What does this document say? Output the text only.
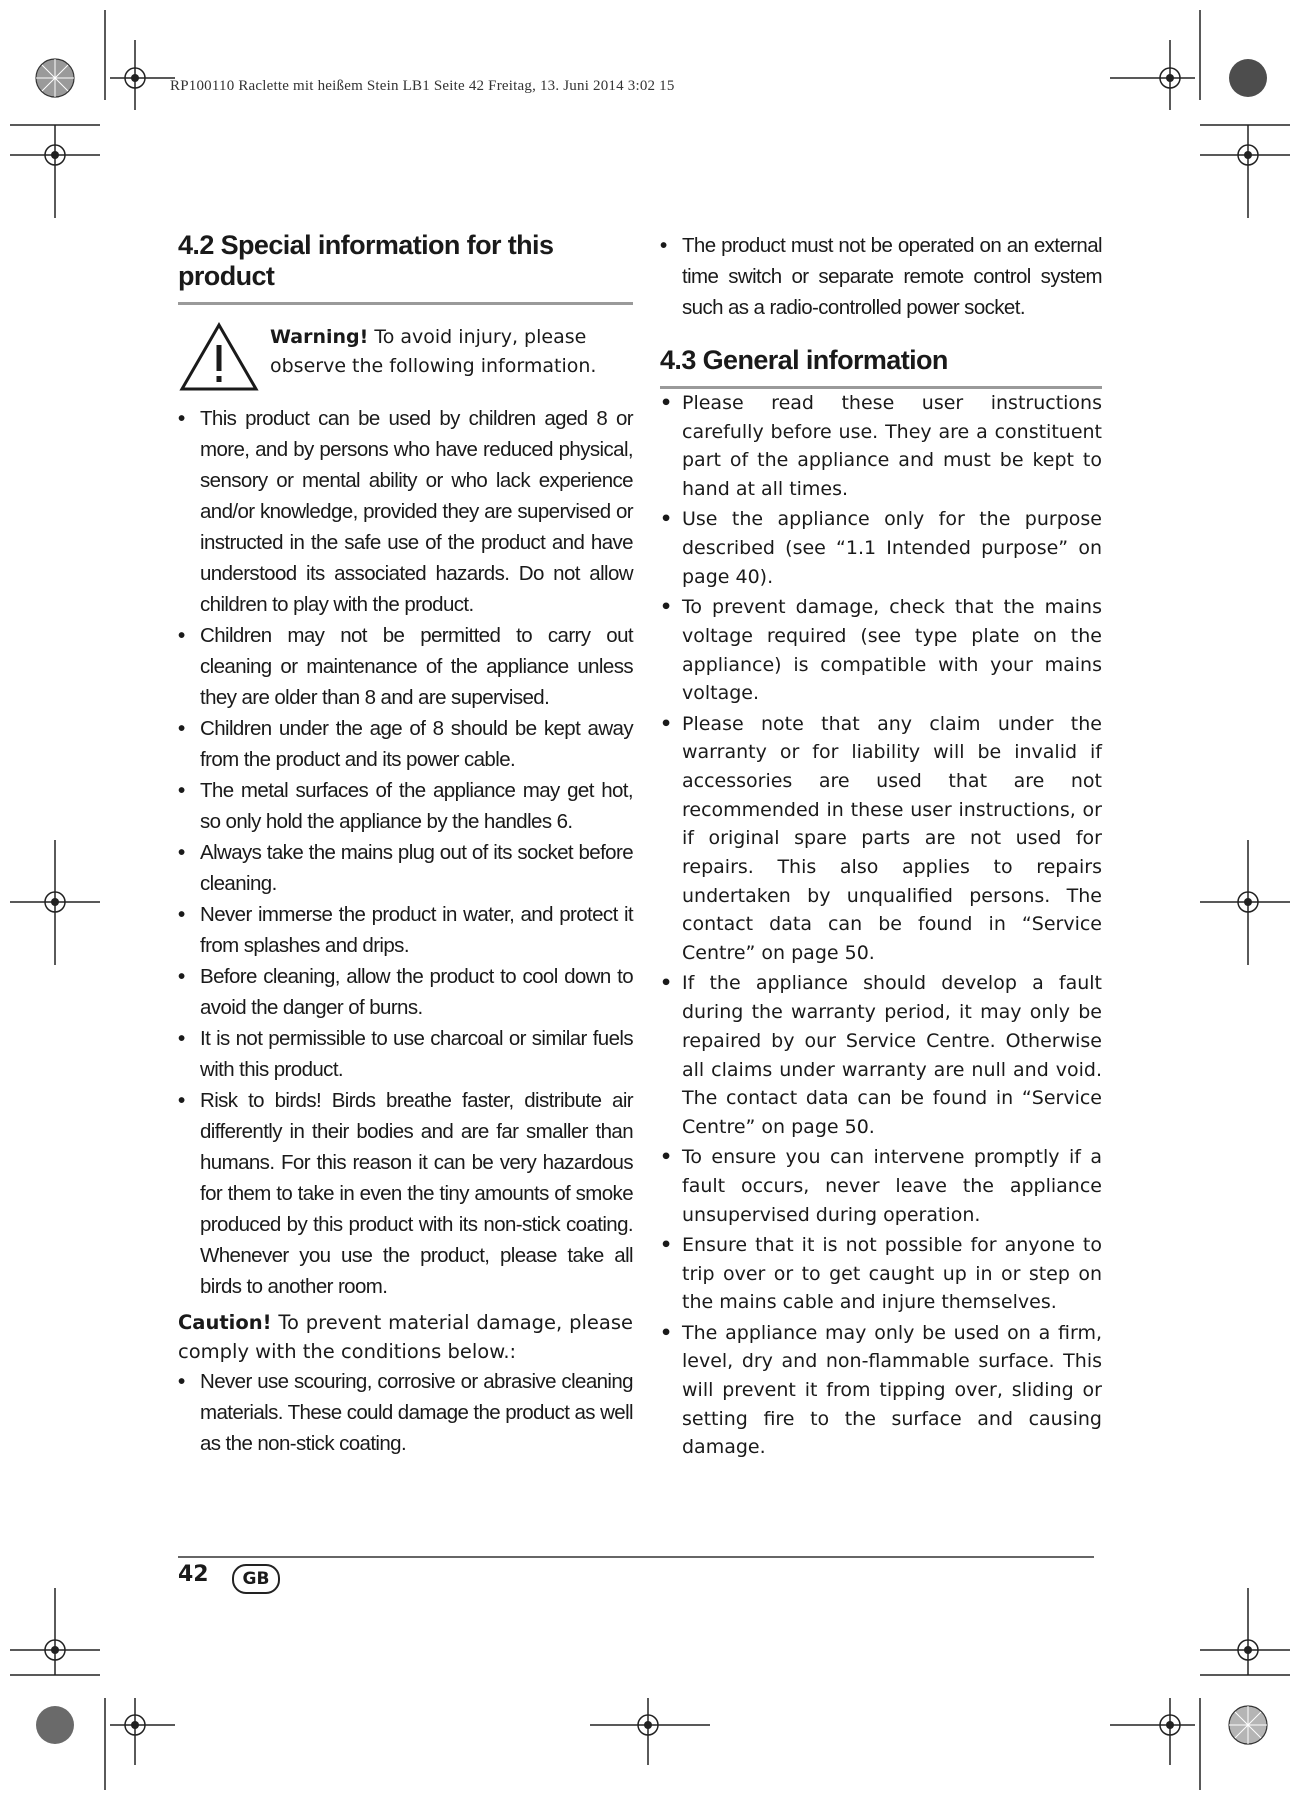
RP100110 Raclette mit heißem Stein LB1 Seite 42 Freitag, 13. Juni 2014 3:02 15
4.2 Special information for this product
Warning! To avoid injury, please observe the following information.
• This product can be used by children aged 8 or more, and by persons who have reduced physical, sensory or mental ability or who lack experience and/or knowledge, provided they are supervised or instructed in the safe use of the product and have understood its associated hazards. Do not allow children to play with the product.
• Children may not be permitted to carry out cleaning or maintenance of the appliance unless they are older than 8 and are supervised.
• Children under the age of 8 should be kept away from the product and its power cable.
• The metal surfaces of the appliance may get hot, so only hold the appliance by the handles 6.
• Always take the mains plug out of its socket before cleaning.
• Never immerse the product in water, and protect it from splashes and drips.
• Before cleaning, allow the product to cool down to avoid the danger of burns.
• It is not permissible to use charcoal or similar fuels with this product.
• Risk to birds! Birds breathe faster, distribute air differently in their bodies and are far smaller than humans. For this reason it can be very hazardous for them to take in even the tiny amounts of smoke produced by this product with its non-stick coating. Whenever you use the product, please take all birds to another room.
Caution! To prevent material damage, please comply with the conditions below.:
• Never use scouring, corrosive or abrasive cleaning materials. These could damage the product as well as the non-stick coating.
• The product must not be operated on an external time switch or separate remote control system such as a radio-controlled power socket.
4.3 General information
• Please read these user instructions carefully before use. They are a constituent part of the appliance and must be kept to hand at all times.
• Use the appliance only for the purpose described (see “1.1 Intended purpose” on page 40).
• To prevent damage, check that the mains voltage required (see type plate on the appliance) is compatible with your mains voltage.
• Please note that any claim under the warranty or for liability will be invalid if accessories are used that are not recommended in these user instructions, or if original spare parts are not used for repairs. This also applies to repairs undertaken by unqualified persons. The contact data can be found in “Service Centre” on page 50.
• If the appliance should develop a fault during the warranty period, it may only be repaired by our Service Centre. Otherwise all claims under warranty are null and void. The contact data can be found in “Service Centre” on page 50.
• To ensure you can intervene promptly if a fault occurs, never leave the appliance unsupervised during operation.
• Ensure that it is not possible for anyone to trip over or to get caught up in or step on the mains cable and injure themselves.
• The appliance may only be used on a firm, level, dry and non-flammable surface. This will prevent it from tipping over, sliding or setting fire to the surface and causing damage.
42	GB
